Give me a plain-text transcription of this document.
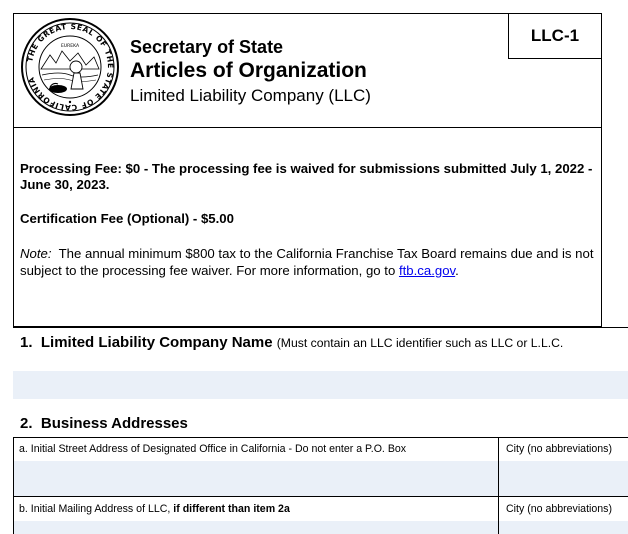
LLC-1
THE GREAT SEAL OF THE STATE OF CALIFORNIA
EUREKA	Secretary of State
Articles of Organization
Limited Liability Company (LLC)
Processing Fee: $0 - The processing fee is waived for submissions submitted July 1, 2022 - June 30, 2023.
Certification Fee (Optional) - $5.00
Note: The annual minimum $800 tax to the California Franchise Tax Board remains due and is not subject to the processing fee waiver. For more information, go to ftb.ca.gov.
1. Limited Liability Company Name (Must contain an LLC identifier such as LLC or L.L.C.
2. Business Addresses
a. Initial Street Address of Designated Office in California - Do not enter a P.O. Box	City (no abbreviations)
b. Initial Mailing Address of LLC, if different than item 2a	City (no abbreviations)
